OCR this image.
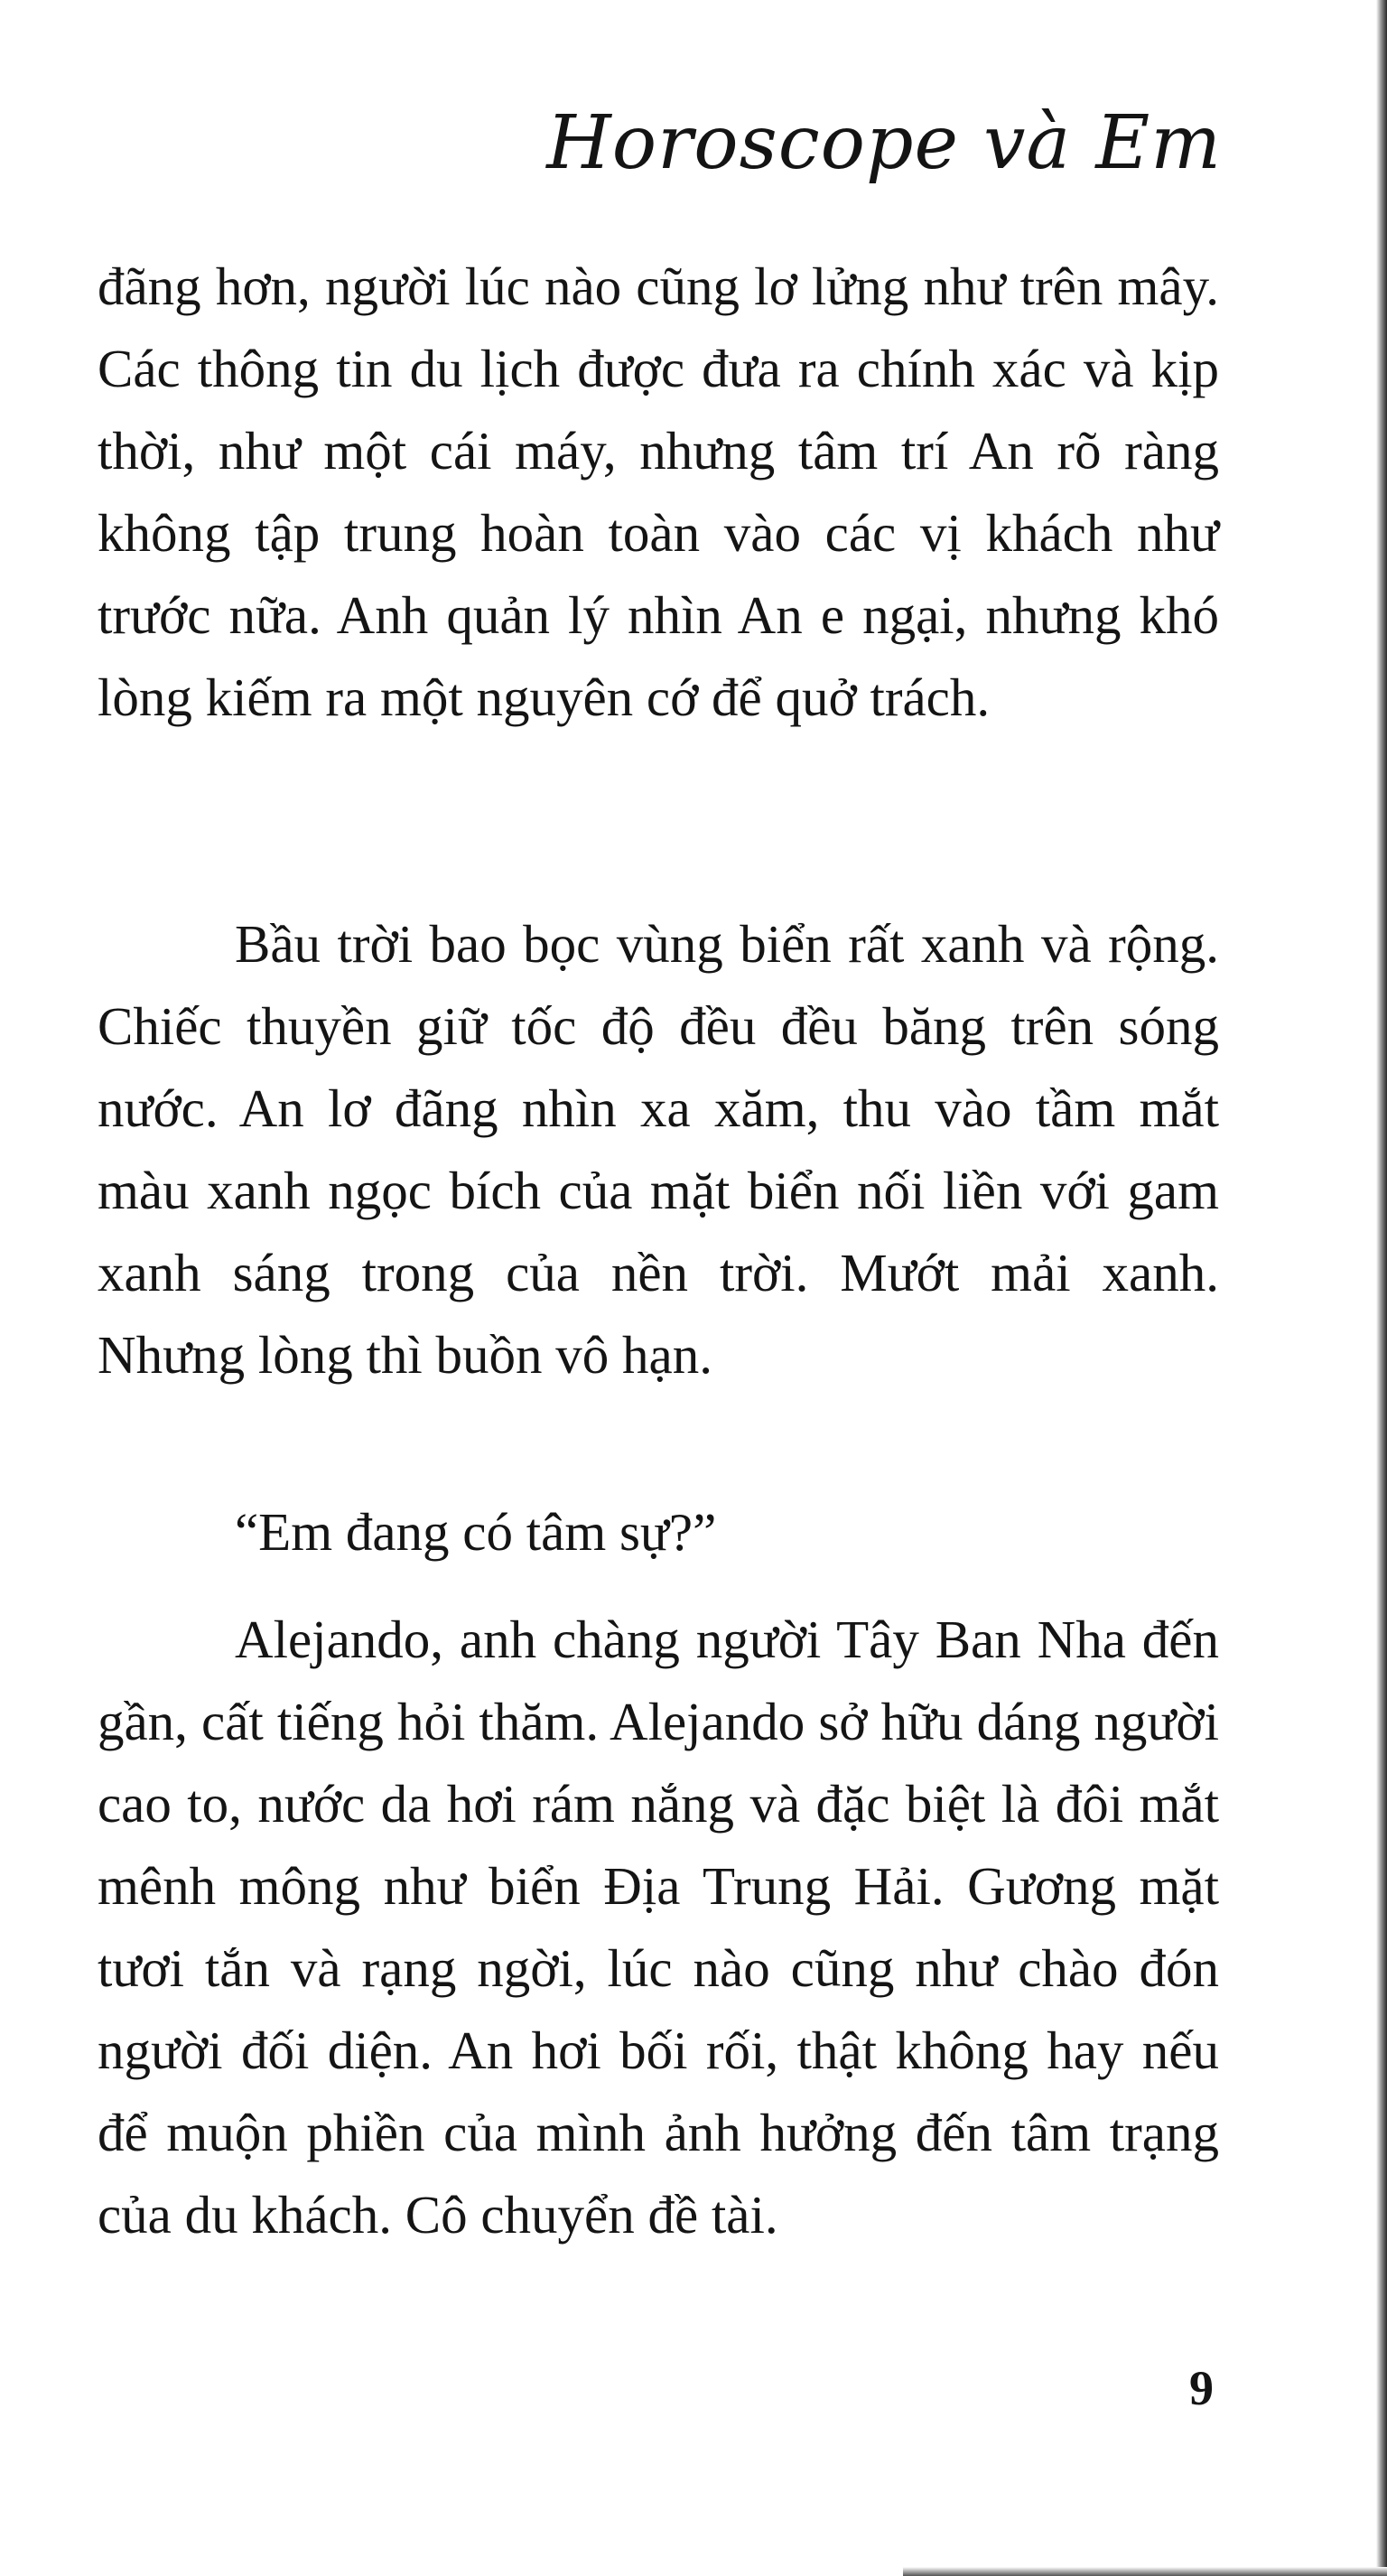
Horoscope và Em

đãng hơn, người lúc nào cũng lơ lửng như trên mây. Các thông tin du lịch được đưa ra chính xác và kịp thời, như một cái máy, nhưng tâm trí An rõ ràng không tập trung hoàn toàn vào các vị khách như trước nữa. Anh quản lý nhìn An e ngại, nhưng khó lòng kiếm ra một nguyên cớ để quở trách.

Bầu trời bao bọc vùng biển rất xanh và rộng. Chiếc thuyền giữ tốc độ đều đều băng trên sóng nước. An lơ đãng nhìn xa xăm, thu vào tầm mắt màu xanh ngọc bích của mặt biển nối liền với gam xanh sáng trong của nền trời. Mướt mải xanh. Nhưng lòng thì buồn vô hạn.

“Em đang có tâm sự?”

Alejando, anh chàng người Tây Ban Nha đến gần, cất tiếng hỏi thăm. Alejando sở hữu dáng người cao to, nước da hơi rám nắng và đặc biệt là đôi mắt mênh mông như biển Địa Trung Hải. Gương mặt tươi tắn và rạng ngời, lúc nào cũng như chào đón người đối diện. An hơi bối rối, thật không hay nếu để muộn phiền của mình ảnh hưởng đến tâm trạng của du khách. Cô chuyển đề tài.

9
